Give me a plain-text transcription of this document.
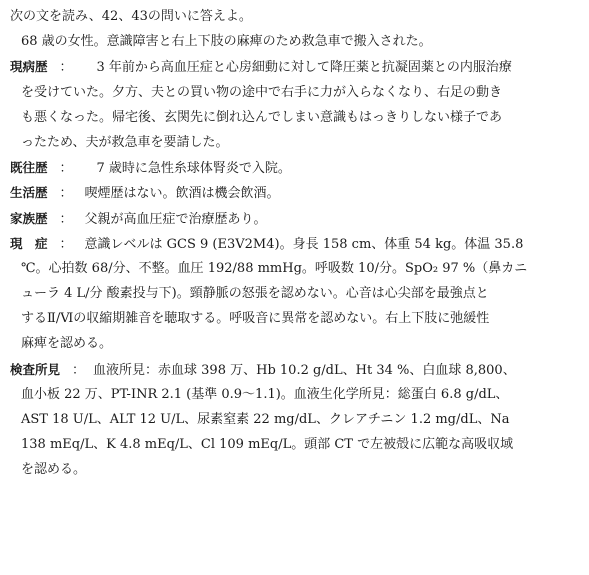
次の文を読み、42、43の問いに答えよ。
68 歳の女性。意識障害と右上下肢の麻痺のため救急車で搬入された。
現病歴 ： 3 年前から高血圧症と心房細動に対して降圧薬と抗凝固薬との内服治療
を受けていた。夕方、夫との買い物の途中で右手に力が入らなくなり、右足の動き
も悪くなった。帰宅後、玄関先に倒れ込んでしまい意識もはっきりしない様子であ
ったため、夫が救急車を要請した。
既往歴 ： 7 歳時に急性糸球体腎炎で入院。
生活歴 ： 喫煙歴はない。飲酒は機会飲酒。
家族歴 ： 父親が高血圧症で治療歴あり。
現　症 ： 意識レベルは GCS 9 (E3V2M4)。身長 158 cm、体重 54 kg。体温 35.8
℃。心拍数 68/分、不整。血圧 192/88 mmHg。呼吸数 10/分。SpO₂ 97 %（鼻カニ
ューラ 4 L/分 酸素投与下)。頸静脈の怒張を認めない。心音は心尖部を最強点と
するⅡ/Ⅵの収縮期雑音を聴取する。呼吸音に異常を認めない。右上下肢に弛緩性
麻痺を認める。
検査所見 ： 血液所見：赤血球 398 万、Hb 10.2 g/dL、Ht 34 %、白血球 8,800、
血小板 22 万、PT-INR 2.1 (基準 0.9〜1.1)。血液生化学所見：総蛋白 6.8 g/dL、
AST 18 U/L、ALT 12 U/L、尿素窒素 22 mg/dL、クレアチニン 1.2 mg/dL、Na
138 mEq/L、K 4.8 mEq/L、Cl 109 mEq/L。頭部 CT で左被殻に広範な高吸収域
を認める。
